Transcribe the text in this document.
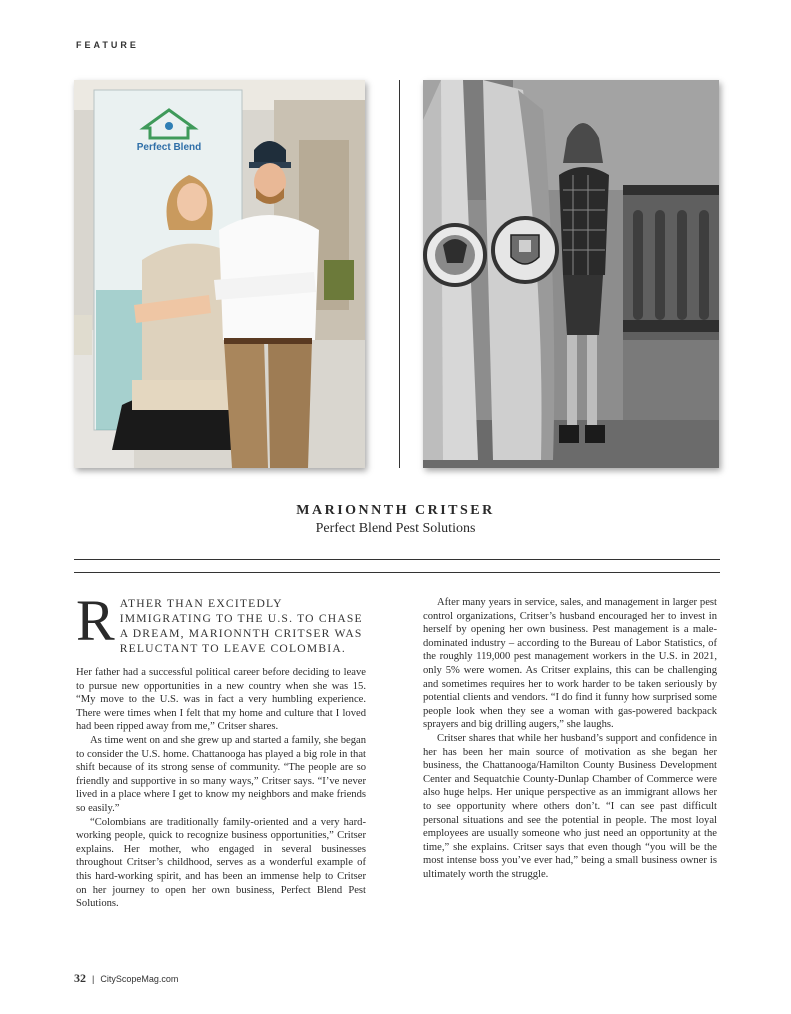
FEATURE
Perfect Blend
MARIONNTH CRITSER
Perfect Blend Pest Solutions
RATHER THAN EXCITEDLY IMMIGRATING TO THE U.S. TO CHASE A DREAM, MARIONNTH CRITSER WAS RELUCTANT TO LEAVE COLOMBIA.

Her father had a successful political career before deciding to leave to pursue new opportunities in a new country when she was 15. “My move to the U.S. was in fact a very humbling experience. There were times when I felt that my home and culture that I loved had been ripped away from me,” Critser shares.

As time went on and she grew up and started a family, she began to consider the U.S. home. Chattanooga has played a big role in that shift because of its strong sense of community. “The people are so friendly and supportive in so many ways,” Critser says. “I’ve never lived in a place where I get to know my neighbors and make friends so easily.”

“Colombians are traditionally family-oriented and a very hard-working people, quick to recognize business opportunities,” Critser explains. Her mother, who engaged in several businesses throughout Critser’s childhood, serves as a wonderful example of this hard-working spirit, and has been an immense help to Critser on her journey to open her own business, Perfect Blend Pest Solutions.

After many years in service, sales, and management in larger pest control organizations, Critser’s husband encouraged her to invest in herself by opening her own business. Pest management is a male-dominated industry – according to the Bureau of Labor Statistics, of the roughly 119,000 pest management workers in the U.S. in 2021, only 5% were women. As Critser explains, this can be challenging and sometimes requires her to work harder to be taken seriously by potential clients and vendors. “I do find it funny how surprised some people look when they see a woman with gas-powered backpack sprayers and big drilling augers,” she laughs.

Critser shares that while her husband’s support and confidence in her has been her main source of motivation as she began her business, the Chattanooga/Hamilton County Business Development Center and Sequatchie County-Dunlap Chamber of Commerce were also huge helps. Her unique perspective as an immigrant allows her to see opportunity where others don’t. “I can see past difficult personal situations and see the potential in people. The most loyal employees are usually someone who just need an opportunity at the time,” she explains. Critser says that even though “you will be the most intense boss you’ve ever had,” being a small business owner is ultimately worth the struggle.

32 | CityScopeMag.com
